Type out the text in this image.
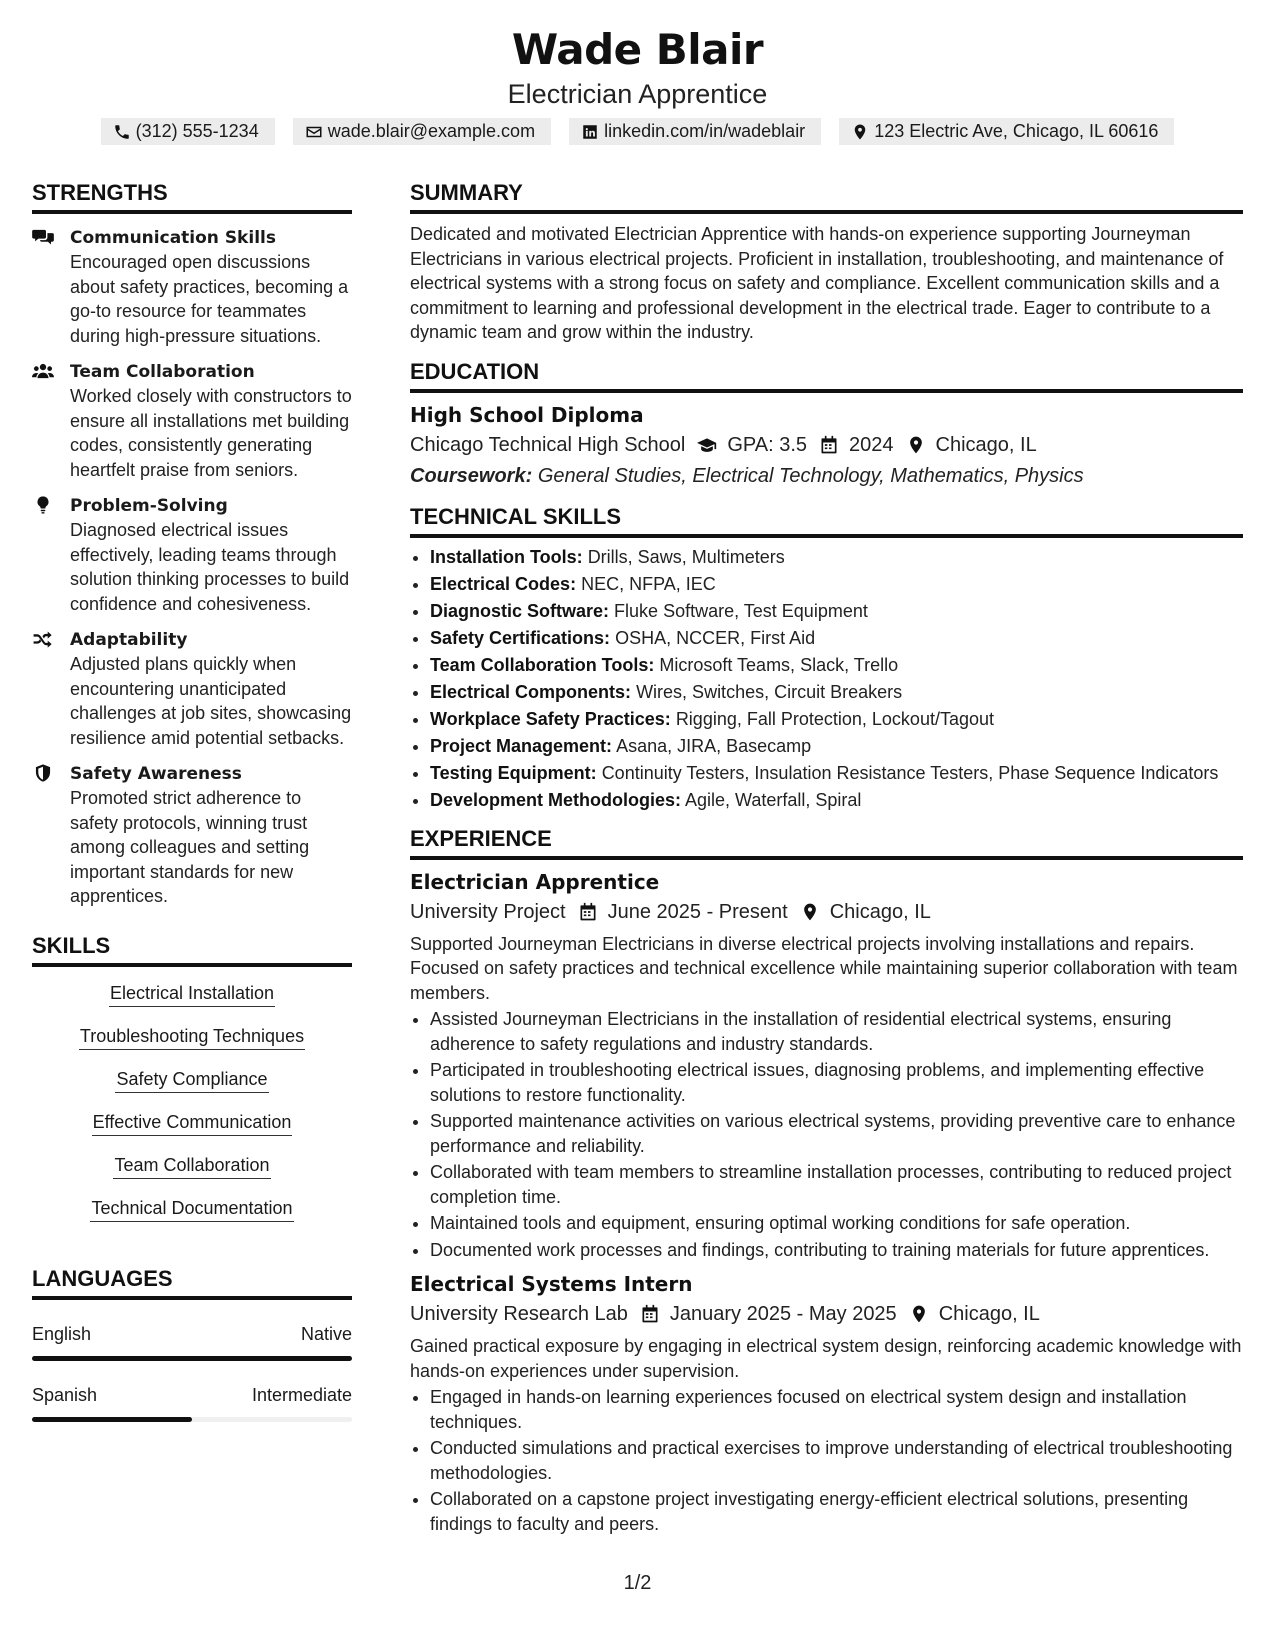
Wade Blair
Electrician Apprentice
(312) 555-1234	wade.blair@example.com	linkedin.com/in/wadeblair	123 Electric Ave, Chicago, IL 60616
STRENGTHS
Communication Skills
Encouraged open discussions about safety practices, becoming a go-to resource for teammates during high-pressure situations.
Team Collaboration
Worked closely with constructors to ensure all installations met building codes, consistently generating heartfelt praise from seniors.
Problem-Solving
Diagnosed electrical issues effectively, leading teams through solution thinking processes to build confidence and cohesiveness.
Adaptability
Adjusted plans quickly when encountering unanticipated challenges at job sites, showcasing resilience amid potential setbacks.
Safety Awareness
Promoted strict adherence to safety protocols, winning trust among colleagues and setting important standards for new apprentices.
SKILLS
Electrical Installation
Troubleshooting Techniques
Safety Compliance
Effective Communication
Team Collaboration
Technical Documentation
LANGUAGES
English	Native
Spanish	Intermediate
SUMMARY
Dedicated and motivated Electrician Apprentice with hands-on experience supporting Journeyman Electricians in various electrical projects. Proficient in installation, troubleshooting, and maintenance of electrical systems with a strong focus on safety and compliance. Excellent communication skills and a commitment to learning and professional development in the electrical trade. Eager to contribute to a dynamic team and grow within the industry.
EDUCATION
High School Diploma
Chicago Technical High School GPA: 3.5 2024 Chicago, IL
Coursework: General Studies, Electrical Technology, Mathematics, Physics
TECHNICAL SKILLS
• Installation Tools: Drills, Saws, Multimeters
• Electrical Codes: NEC, NFPA, IEC
• Diagnostic Software: Fluke Software, Test Equipment
• Safety Certifications: OSHA, NCCER, First Aid
• Team Collaboration Tools: Microsoft Teams, Slack, Trello
• Electrical Components: Wires, Switches, Circuit Breakers
• Workplace Safety Practices: Rigging, Fall Protection, Lockout/Tagout
• Project Management: Asana, JIRA, Basecamp
• Testing Equipment: Continuity Testers, Insulation Resistance Testers, Phase Sequence Indicators
• Development Methodologies: Agile, Waterfall, Spiral
EXPERIENCE
Electrician Apprentice
University Project June 2025 - Present Chicago, IL
Supported Journeyman Electricians in diverse electrical projects involving installations and repairs. Focused on safety practices and technical excellence while maintaining superior collaboration with team members.
• Assisted Journeyman Electricians in the installation of residential electrical systems, ensuring adherence to safety regulations and industry standards.
• Participated in troubleshooting electrical issues, diagnosing problems, and implementing effective solutions to restore functionality.
• Supported maintenance activities on various electrical systems, providing preventive care to enhance performance and reliability.
• Collaborated with team members to streamline installation processes, contributing to reduced project completion time.
• Maintained tools and equipment, ensuring optimal working conditions for safe operation.
• Documented work processes and findings, contributing to training materials for future apprentices.
Electrical Systems Intern
University Research Lab January 2025 - May 2025 Chicago, IL
Gained practical exposure by engaging in electrical system design, reinforcing academic knowledge with hands-on experiences under supervision.
• Engaged in hands-on learning experiences focused on electrical system design and installation techniques.
• Conducted simulations and practical exercises to improve understanding of electrical troubleshooting methodologies.
• Collaborated on a capstone project investigating energy-efficient electrical solutions, presenting findings to faculty and peers.
1/2
